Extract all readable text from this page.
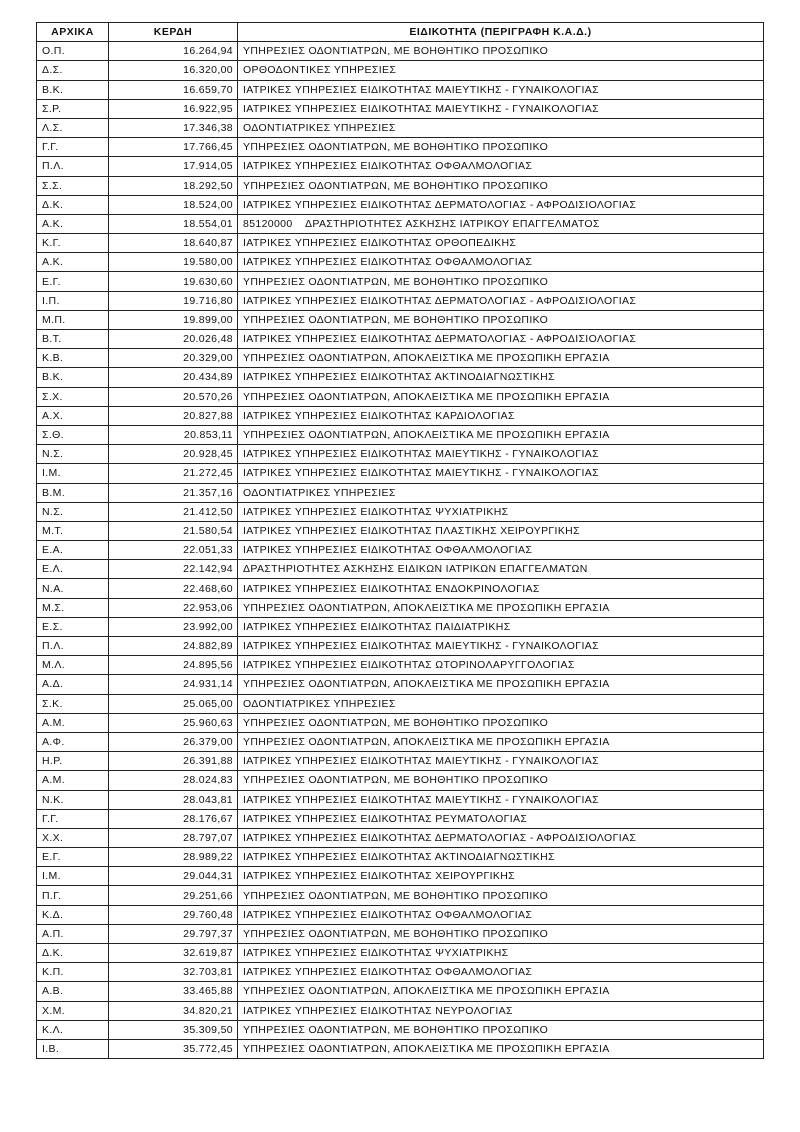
ΑΡΧΙΚΑ	ΚΕΡΔΗ	ΕΙΔΙΚΟΤΗΤΑ (ΠΕΡΙΓΡΑΦΗ Κ.Α.Δ.)
Ο.Π.	16.264,94	ΥΠΗΡΕΣΙΕΣ ΟΔΟΝΤΙΑΤΡΩΝ, ΜΕ ΒΟΗΘΗΤΙΚΟ ΠΡΟΣΩΠΙΚΟ
Δ.Σ.	16.320,00	ΟΡΘΟΔΟΝΤΙΚΕΣ ΥΠΗΡΕΣΙΕΣ
Β.Κ.	16.659,70	ΙΑΤΡΙΚΕΣ ΥΠΗΡΕΣΙΕΣ ΕΙΔΙΚΟΤΗΤΑΣ ΜΑΙΕΥΤΙΚΗΣ - ΓΥΝΑΙΚΟΛΟΓΙΑΣ
Σ.Ρ.	16.922,95	ΙΑΤΡΙΚΕΣ ΥΠΗΡΕΣΙΕΣ ΕΙΔΙΚΟΤΗΤΑΣ ΜΑΙΕΥΤΙΚΗΣ - ΓΥΝΑΙΚΟΛΟΓΙΑΣ
Λ.Σ.	17.346,38	ΟΔΟΝΤΙΑΤΡΙΚΕΣ ΥΠΗΡΕΣΙΕΣ
Γ.Γ.	17.766,45	ΥΠΗΡΕΣΙΕΣ ΟΔΟΝΤΙΑΤΡΩΝ, ΜΕ ΒΟΗΘΗΤΙΚΟ ΠΡΟΣΩΠΙΚΟ
Π.Λ.	17.914,05	ΙΑΤΡΙΚΕΣ ΥΠΗΡΕΣΙΕΣ ΕΙΔΙΚΟΤΗΤΑΣ ΟΦΘΑΛΜΟΛΟΓΙΑΣ
Σ.Σ.	18.292,50	ΥΠΗΡΕΣΙΕΣ ΟΔΟΝΤΙΑΤΡΩΝ, ΜΕ ΒΟΗΘΗΤΙΚΟ ΠΡΟΣΩΠΙΚΟ
Δ.Κ.	18.524,00	ΙΑΤΡΙΚΕΣ ΥΠΗΡΕΣΙΕΣ ΕΙΔΙΚΟΤΗΤΑΣ ΔΕΡΜΑΤΟΛΟΓΙΑΣ - ΑΦΡΟΔΙΣΙΟΛΟΓΙΑΣ
Α.Κ.	18.554,01	85120000    ΔΡΑΣΤΗΡΙΟΤΗΤΕΣ ΑΣΚΗΣΗΣ ΙΑΤΡΙΚΟΥ ΕΠΑΓΓΕΛΜΑΤΟΣ
Κ.Γ.	18.640,87	ΙΑΤΡΙΚΕΣ ΥΠΗΡΕΣΙΕΣ ΕΙΔΙΚΟΤΗΤΑΣ ΟΡΘΟΠΕΔΙΚΗΣ
Α.Κ.	19.580,00	ΙΑΤΡΙΚΕΣ ΥΠΗΡΕΣΙΕΣ ΕΙΔΙΚΟΤΗΤΑΣ ΟΦΘΑΛΜΟΛΟΓΙΑΣ
Ε.Γ.	19.630,60	ΥΠΗΡΕΣΙΕΣ ΟΔΟΝΤΙΑΤΡΩΝ, ΜΕ ΒΟΗΘΗΤΙΚΟ ΠΡΟΣΩΠΙΚΟ
Ι.Π.	19.716,80	ΙΑΤΡΙΚΕΣ ΥΠΗΡΕΣΙΕΣ ΕΙΔΙΚΟΤΗΤΑΣ ΔΕΡΜΑΤΟΛΟΓΙΑΣ - ΑΦΡΟΔΙΣΙΟΛΟΓΙΑΣ
Μ.Π.	19.899,00	ΥΠΗΡΕΣΙΕΣ ΟΔΟΝΤΙΑΤΡΩΝ, ΜΕ ΒΟΗΘΗΤΙΚΟ ΠΡΟΣΩΠΙΚΟ
Β.Τ.	20.026,48	ΙΑΤΡΙΚΕΣ ΥΠΗΡΕΣΙΕΣ ΕΙΔΙΚΟΤΗΤΑΣ ΔΕΡΜΑΤΟΛΟΓΙΑΣ - ΑΦΡΟΔΙΣΙΟΛΟΓΙΑΣ
Κ.Β.	20.329,00	ΥΠΗΡΕΣΙΕΣ ΟΔΟΝΤΙΑΤΡΩΝ, ΑΠΟΚΛΕΙΣΤΙΚΑ ΜΕ ΠΡΟΣΩΠΙΚΗ ΕΡΓΑΣΙΑ
Β.Κ.	20.434,89	ΙΑΤΡΙΚΕΣ ΥΠΗΡΕΣΙΕΣ ΕΙΔΙΚΟΤΗΤΑΣ ΑΚΤΙΝΟΔΙΑΓΝΩΣΤΙΚΗΣ
Σ.Χ.	20.570,26	ΥΠΗΡΕΣΙΕΣ ΟΔΟΝΤΙΑΤΡΩΝ, ΑΠΟΚΛΕΙΣΤΙΚΑ ΜΕ ΠΡΟΣΩΠΙΚΗ ΕΡΓΑΣΙΑ
Α.Χ.	20.827,88	ΙΑΤΡΙΚΕΣ ΥΠΗΡΕΣΙΕΣ ΕΙΔΙΚΟΤΗΤΑΣ ΚΑΡΔΙΟΛΟΓΙΑΣ
Σ.Θ.	20.853,11	ΥΠΗΡΕΣΙΕΣ ΟΔΟΝΤΙΑΤΡΩΝ, ΑΠΟΚΛΕΙΣΤΙΚΑ ΜΕ ΠΡΟΣΩΠΙΚΗ ΕΡΓΑΣΙΑ
Ν.Σ.	20.928,45	ΙΑΤΡΙΚΕΣ ΥΠΗΡΕΣΙΕΣ ΕΙΔΙΚΟΤΗΤΑΣ ΜΑΙΕΥΤΙΚΗΣ - ΓΥΝΑΙΚΟΛΟΓΙΑΣ
Ι.Μ.	21.272,45	ΙΑΤΡΙΚΕΣ ΥΠΗΡΕΣΙΕΣ ΕΙΔΙΚΟΤΗΤΑΣ ΜΑΙΕΥΤΙΚΗΣ - ΓΥΝΑΙΚΟΛΟΓΙΑΣ
Β.Μ.	21.357,16	ΟΔΟΝΤΙΑΤΡΙΚΕΣ ΥΠΗΡΕΣΙΕΣ
Ν.Σ.	21.412,50	ΙΑΤΡΙΚΕΣ ΥΠΗΡΕΣΙΕΣ ΕΙΔΙΚΟΤΗΤΑΣ ΨΥΧΙΑΤΡΙΚΗΣ
Μ.Τ.	21.580,54	ΙΑΤΡΙΚΕΣ ΥΠΗΡΕΣΙΕΣ ΕΙΔΙΚΟΤΗΤΑΣ ΠΛΑΣΤΙΚΗΣ ΧΕΙΡΟΥΡΓΙΚΗΣ
Ε.Α.	22.051,33	ΙΑΤΡΙΚΕΣ ΥΠΗΡΕΣΙΕΣ ΕΙΔΙΚΟΤΗΤΑΣ ΟΦΘΑΛΜΟΛΟΓΙΑΣ
Ε.Λ.	22.142,94	ΔΡΑΣΤΗΡΙΟΤΗΤΕΣ ΑΣΚΗΣΗΣ ΕΙΔΙΚΩΝ ΙΑΤΡΙΚΩΝ ΕΠΑΓΓΕΛΜΑΤΩΝ
Ν.Α.	22.468,60	ΙΑΤΡΙΚΕΣ ΥΠΗΡΕΣΙΕΣ ΕΙΔΙΚΟΤΗΤΑΣ ΕΝΔΟΚΡΙΝΟΛΟΓΙΑΣ
Μ.Σ.	22.953,06	ΥΠΗΡΕΣΙΕΣ ΟΔΟΝΤΙΑΤΡΩΝ, ΑΠΟΚΛΕΙΣΤΙΚΑ ΜΕ ΠΡΟΣΩΠΙΚΗ ΕΡΓΑΣΙΑ
Ε.Σ.	23.992,00	ΙΑΤΡΙΚΕΣ ΥΠΗΡΕΣΙΕΣ ΕΙΔΙΚΟΤΗΤΑΣ ΠΑΙΔΙΑΤΡΙΚΗΣ
Π.Λ.	24.882,89	ΙΑΤΡΙΚΕΣ ΥΠΗΡΕΣΙΕΣ ΕΙΔΙΚΟΤΗΤΑΣ ΜΑΙΕΥΤΙΚΗΣ - ΓΥΝΑΙΚΟΛΟΓΙΑΣ
Μ.Λ.	24.895,56	ΙΑΤΡΙΚΕΣ ΥΠΗΡΕΣΙΕΣ ΕΙΔΙΚΟΤΗΤΑΣ ΩΤΟΡΙΝΟΛΑΡΥΓΓΟΛΟΓΙΑΣ
Α.Δ.	24.931,14	ΥΠΗΡΕΣΙΕΣ ΟΔΟΝΤΙΑΤΡΩΝ, ΑΠΟΚΛΕΙΣΤΙΚΑ ΜΕ ΠΡΟΣΩΠΙΚΗ ΕΡΓΑΣΙΑ
Σ.Κ.	25.065,00	ΟΔΟΝΤΙΑΤΡΙΚΕΣ ΥΠΗΡΕΣΙΕΣ
Α.Μ.	25.960,63	ΥΠΗΡΕΣΙΕΣ ΟΔΟΝΤΙΑΤΡΩΝ, ΜΕ ΒΟΗΘΗΤΙΚΟ ΠΡΟΣΩΠΙΚΟ
Α.Φ.	26.379,00	ΥΠΗΡΕΣΙΕΣ ΟΔΟΝΤΙΑΤΡΩΝ, ΑΠΟΚΛΕΙΣΤΙΚΑ ΜΕ ΠΡΟΣΩΠΙΚΗ ΕΡΓΑΣΙΑ
Η.Ρ.	26.391,88	ΙΑΤΡΙΚΕΣ ΥΠΗΡΕΣΙΕΣ ΕΙΔΙΚΟΤΗΤΑΣ ΜΑΙΕΥΤΙΚΗΣ - ΓΥΝΑΙΚΟΛΟΓΙΑΣ
Α.Μ.	28.024,83	ΥΠΗΡΕΣΙΕΣ ΟΔΟΝΤΙΑΤΡΩΝ, ΜΕ ΒΟΗΘΗΤΙΚΟ ΠΡΟΣΩΠΙΚΟ
Ν.Κ.	28.043,81	ΙΑΤΡΙΚΕΣ ΥΠΗΡΕΣΙΕΣ ΕΙΔΙΚΟΤΗΤΑΣ ΜΑΙΕΥΤΙΚΗΣ - ΓΥΝΑΙΚΟΛΟΓΙΑΣ
Γ.Γ.	28.176,67	ΙΑΤΡΙΚΕΣ ΥΠΗΡΕΣΙΕΣ ΕΙΔΙΚΟΤΗΤΑΣ ΡΕΥΜΑΤΟΛΟΓΙΑΣ
Χ.Χ.	28.797,07	ΙΑΤΡΙΚΕΣ ΥΠΗΡΕΣΙΕΣ ΕΙΔΙΚΟΤΗΤΑΣ ΔΕΡΜΑΤΟΛΟΓΙΑΣ - ΑΦΡΟΔΙΣΙΟΛΟΓΙΑΣ
Ε.Γ.	28.989,22	ΙΑΤΡΙΚΕΣ ΥΠΗΡΕΣΙΕΣ ΕΙΔΙΚΟΤΗΤΑΣ ΑΚΤΙΝΟΔΙΑΓΝΩΣΤΙΚΗΣ
Ι.Μ.	29.044,31	ΙΑΤΡΙΚΕΣ ΥΠΗΡΕΣΙΕΣ ΕΙΔΙΚΟΤΗΤΑΣ ΧΕΙΡΟΥΡΓΙΚΗΣ
Π.Γ.	29.251,66	ΥΠΗΡΕΣΙΕΣ ΟΔΟΝΤΙΑΤΡΩΝ, ΜΕ ΒΟΗΘΗΤΙΚΟ ΠΡΟΣΩΠΙΚΟ
Κ.Δ.	29.760,48	ΙΑΤΡΙΚΕΣ ΥΠΗΡΕΣΙΕΣ ΕΙΔΙΚΟΤΗΤΑΣ ΟΦΘΑΛΜΟΛΟΓΙΑΣ
Α.Π.	29.797,37	ΥΠΗΡΕΣΙΕΣ ΟΔΟΝΤΙΑΤΡΩΝ, ΜΕ ΒΟΗΘΗΤΙΚΟ ΠΡΟΣΩΠΙΚΟ
Δ.Κ.	32.619,87	ΙΑΤΡΙΚΕΣ ΥΠΗΡΕΣΙΕΣ ΕΙΔΙΚΟΤΗΤΑΣ ΨΥΧΙΑΤΡΙΚΗΣ
Κ.Π.	32.703,81	ΙΑΤΡΙΚΕΣ ΥΠΗΡΕΣΙΕΣ ΕΙΔΙΚΟΤΗΤΑΣ ΟΦΘΑΛΜΟΛΟΓΙΑΣ
Α.Β.	33.465,88	ΥΠΗΡΕΣΙΕΣ ΟΔΟΝΤΙΑΤΡΩΝ, ΑΠΟΚΛΕΙΣΤΙΚΑ ΜΕ ΠΡΟΣΩΠΙΚΗ ΕΡΓΑΣΙΑ
Χ.Μ.	34.820,21	ΙΑΤΡΙΚΕΣ ΥΠΗΡΕΣΙΕΣ ΕΙΔΙΚΟΤΗΤΑΣ ΝΕΥΡΟΛΟΓΙΑΣ
Κ.Λ.	35.309,50	ΥΠΗΡΕΣΙΕΣ ΟΔΟΝΤΙΑΤΡΩΝ, ΜΕ ΒΟΗΘΗΤΙΚΟ ΠΡΟΣΩΠΙΚΟ
Ι.Β.	35.772,45	ΥΠΗΡΕΣΙΕΣ ΟΔΟΝΤΙΑΤΡΩΝ, ΑΠΟΚΛΕΙΣΤΙΚΑ ΜΕ ΠΡΟΣΩΠΙΚΗ ΕΡΓΑΣΙΑ
